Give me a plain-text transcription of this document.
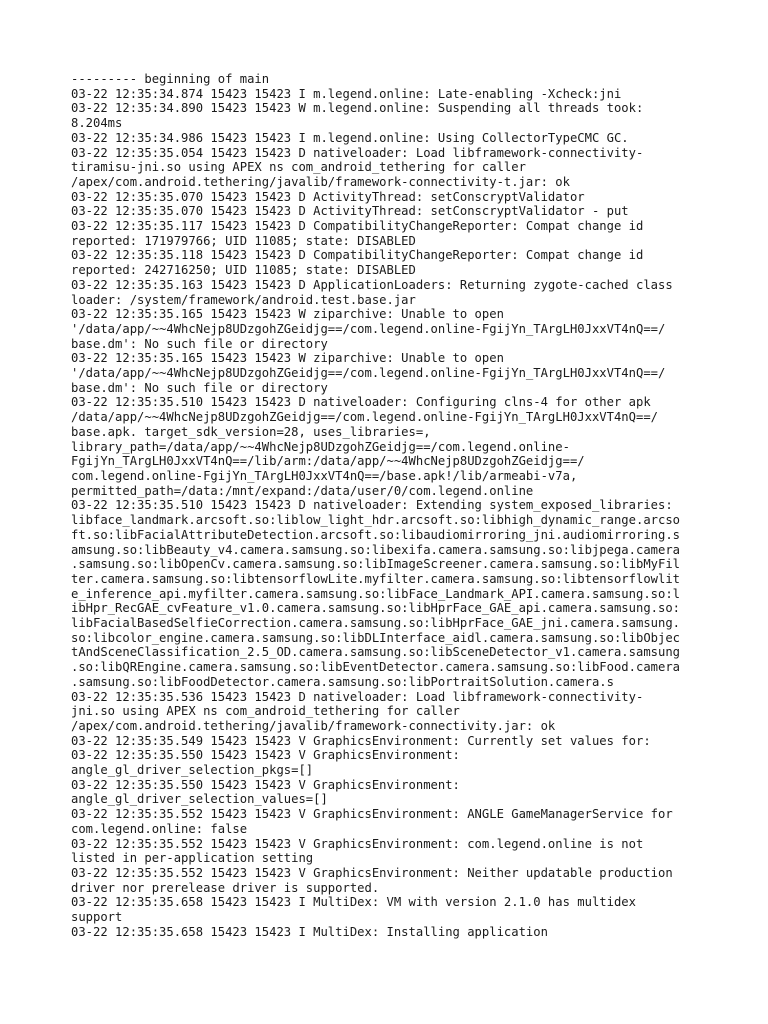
--------- beginning of main
03-22 12:35:34.874 15423 15423 I m.legend.online: Late-enabling -Xcheck:jni
03-22 12:35:34.890 15423 15423 W m.legend.online: Suspending all threads took:
8.204ms
03-22 12:35:34.986 15423 15423 I m.legend.online: Using CollectorTypeCMC GC.
03-22 12:35:35.054 15423 15423 D nativeloader: Load libframework-connectivity-
tiramisu-jni.so using APEX ns com_android_tethering for caller
/apex/com.android.tethering/javalib/framework-connectivity-t.jar: ok
03-22 12:35:35.070 15423 15423 D ActivityThread: setConscryptValidator
03-22 12:35:35.070 15423 15423 D ActivityThread: setConscryptValidator - put
03-22 12:35:35.117 15423 15423 D CompatibilityChangeReporter: Compat change id
reported: 171979766; UID 11085; state: DISABLED
03-22 12:35:35.118 15423 15423 D CompatibilityChangeReporter: Compat change id
reported: 242716250; UID 11085; state: DISABLED
03-22 12:35:35.163 15423 15423 D ApplicationLoaders: Returning zygote-cached class
loader: /system/framework/android.test.base.jar
03-22 12:35:35.165 15423 15423 W ziparchive: Unable to open
'/data/app/~~4WhcNejp8UDzgohZGeidjg==/com.legend.online-FgijYn_TArgLH0JxxVT4nQ==/
base.dm': No such file or directory
03-22 12:35:35.165 15423 15423 W ziparchive: Unable to open
'/data/app/~~4WhcNejp8UDzgohZGeidjg==/com.legend.online-FgijYn_TArgLH0JxxVT4nQ==/
base.dm': No such file or directory
03-22 12:35:35.510 15423 15423 D nativeloader: Configuring clns-4 for other apk
/data/app/~~4WhcNejp8UDzgohZGeidjg==/com.legend.online-FgijYn_TArgLH0JxxVT4nQ==/
base.apk. target_sdk_version=28, uses_libraries=,
library_path=/data/app/~~4WhcNejp8UDzgohZGeidjg==/com.legend.online-
FgijYn_TArgLH0JxxVT4nQ==/lib/arm:/data/app/~~4WhcNejp8UDzgohZGeidjg==/
com.legend.online-FgijYn_TArgLH0JxxVT4nQ==/base.apk!/lib/armeabi-v7a,
permitted_path=/data:/mnt/expand:/data/user/0/com.legend.online
03-22 12:35:35.510 15423 15423 D nativeloader: Extending system_exposed_libraries:
libface_landmark.arcsoft.so:liblow_light_hdr.arcsoft.so:libhigh_dynamic_range.arcso
ft.so:libFacialAttributeDetection.arcsoft.so:libaudiomirroring_jni.audiomirroring.s
amsung.so:libBeauty_v4.camera.samsung.so:libexifa.camera.samsung.so:libjpega.camera
.samsung.so:libOpenCv.camera.samsung.so:libImageScreener.camera.samsung.so:libMyFil
ter.camera.samsung.so:libtensorflowLite.myfilter.camera.samsung.so:libtensorflowlit
e_inference_api.myfilter.camera.samsung.so:libFace_Landmark_API.camera.samsung.so:l
ibHpr_RecGAE_cvFeature_v1.0.camera.samsung.so:libHprFace_GAE_api.camera.samsung.so:
libFacialBasedSelfieCorrection.camera.samsung.so:libHprFace_GAE_jni.camera.samsung.
so:libcolor_engine.camera.samsung.so:libDLInterface_aidl.camera.samsung.so:libObjec
tAndSceneClassification_2.5_OD.camera.samsung.so:libSceneDetector_v1.camera.samsung
.so:libQREngine.camera.samsung.so:libEventDetector.camera.samsung.so:libFood.camera
.samsung.so:libFoodDetector.camera.samsung.so:libPortraitSolution.camera.s
03-22 12:35:35.536 15423 15423 D nativeloader: Load libframework-connectivity-
jni.so using APEX ns com_android_tethering for caller
/apex/com.android.tethering/javalib/framework-connectivity.jar: ok
03-22 12:35:35.549 15423 15423 V GraphicsEnvironment: Currently set values for:
03-22 12:35:35.550 15423 15423 V GraphicsEnvironment:
angle_gl_driver_selection_pkgs=[]
03-22 12:35:35.550 15423 15423 V GraphicsEnvironment:
angle_gl_driver_selection_values=[]
03-22 12:35:35.552 15423 15423 V GraphicsEnvironment: ANGLE GameManagerService for
com.legend.online: false
03-22 12:35:35.552 15423 15423 V GraphicsEnvironment: com.legend.online is not
listed in per-application setting
03-22 12:35:35.552 15423 15423 V GraphicsEnvironment: Neither updatable production
driver nor prerelease driver is supported.
03-22 12:35:35.658 15423 15423 I MultiDex: VM with version 2.1.0 has multidex
support
03-22 12:35:35.658 15423 15423 I MultiDex: Installing application
